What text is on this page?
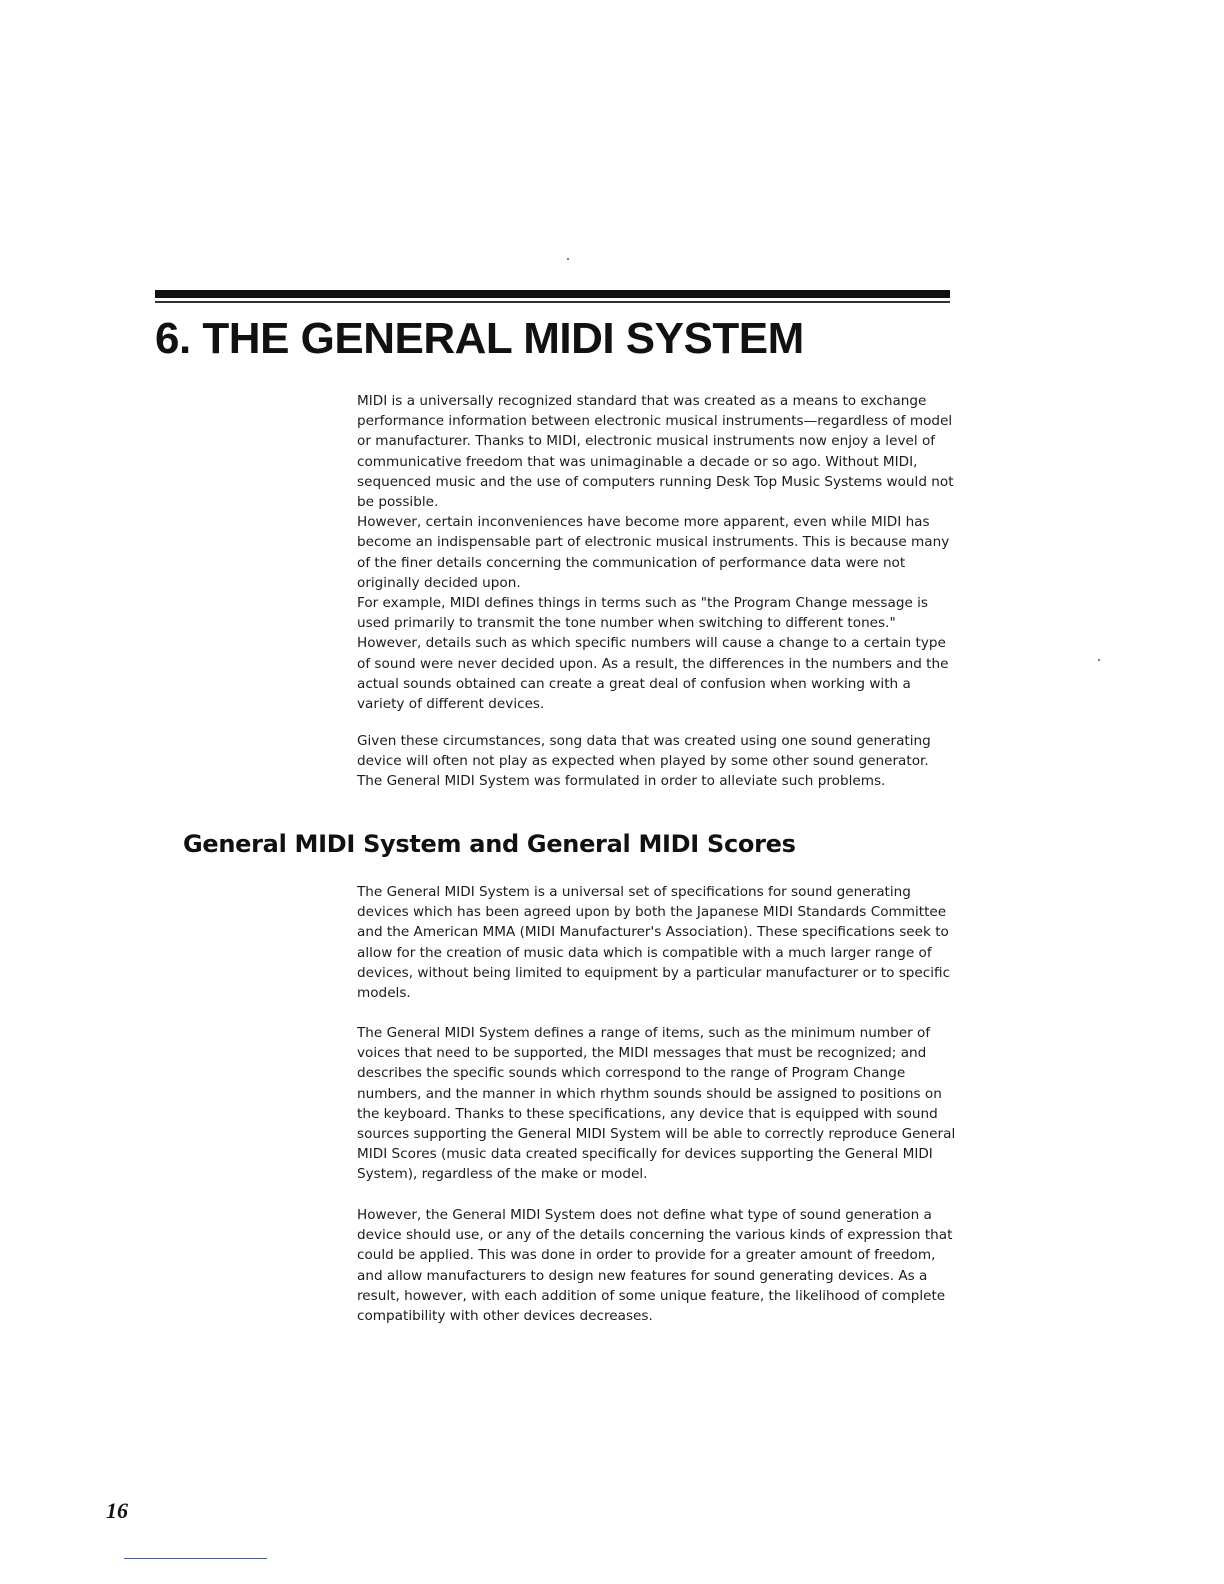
6. THE GENERAL MIDI SYSTEM

MIDI is a universally recognized standard that was created as a means to exchange performance information between electronic musical instruments—regardless of model or manufacturer. Thanks to MIDI, electronic musical instruments now enjoy a level of communicative freedom that was unimaginable a decade or so ago. Without MIDI, sequenced music and the use of computers running Desk Top Music Systems would not be possible.

However, certain inconveniences have become more apparent, even while MIDI has become an indispensable part of electronic musical instruments. This is because many of the finer details concerning the communication of performance data were not originally decided upon.

For example, MIDI defines things in terms such as "the Program Change message is used primarily to transmit the tone number when switching to different tones." However, details such as which specific numbers will cause a change to a certain type of sound were never decided upon. As a result, the differences in the numbers and the actual sounds obtained can create a great deal of confusion when working with a variety of different devices.

Given these circumstances, song data that was created using one sound generating device will often not play as expected when played by some other sound generator. The General MIDI System was formulated in order to alleviate such problems.

General MIDI System and General MIDI Scores

The General MIDI System is a universal set of specifications for sound generating devices which has been agreed upon by both the Japanese MIDI Standards Committee and the American MMA (MIDI Manufacturer's Association). These specifications seek to allow for the creation of music data which is compatible with a much larger range of devices, without being limited to equipment by a particular manufacturer or to specific models.

The General MIDI System defines a range of items, such as the minimum number of voices that need to be supported, the MIDI messages that must be recognized; and describes the specific sounds which correspond to the range of Program Change numbers, and the manner in which rhythm sounds should be assigned to positions on the keyboard. Thanks to these specifications, any device that is equipped with sound sources supporting the General MIDI System will be able to correctly reproduce General MIDI Scores (music data created specifically for devices supporting the General MIDI System), regardless of the make or model.

However, the General MIDI System does not define what type of sound generation a device should use, or any of the details concerning the various kinds of expression that could be applied. This was done in order to provide for a greater amount of freedom, and allow manufacturers to design new features for sound generating devices. As a result, however, with each addition of some unique feature, the likelihood of complete compatibility with other devices decreases.

16
